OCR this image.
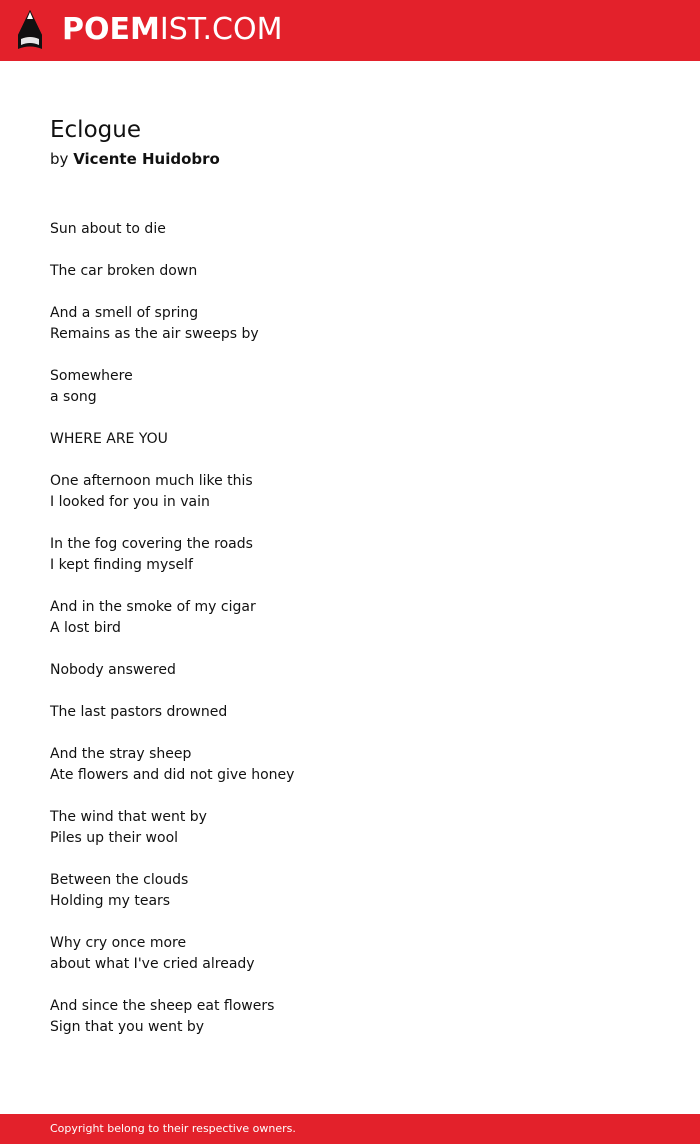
POEMIST.COM
Eclogue
by Vicente Huidobro
Sun about to die
The car broken down
And a smell of spring
Remains as the air sweeps by
Somewhere
a song
WHERE ARE YOU
One afternoon much like this
I looked for you in vain
In the fog covering the roads
I kept finding myself
And in the smoke of my cigar
A lost bird
Nobody answered
The last pastors drowned
And the stray sheep
Ate flowers and did not give honey
The wind that went by
Piles up their wool
Between the clouds
Holding my tears
Why cry once more
about what I've cried already
And since the sheep eat flowers
Sign that you went by
Copyright belong to their respective owners.
